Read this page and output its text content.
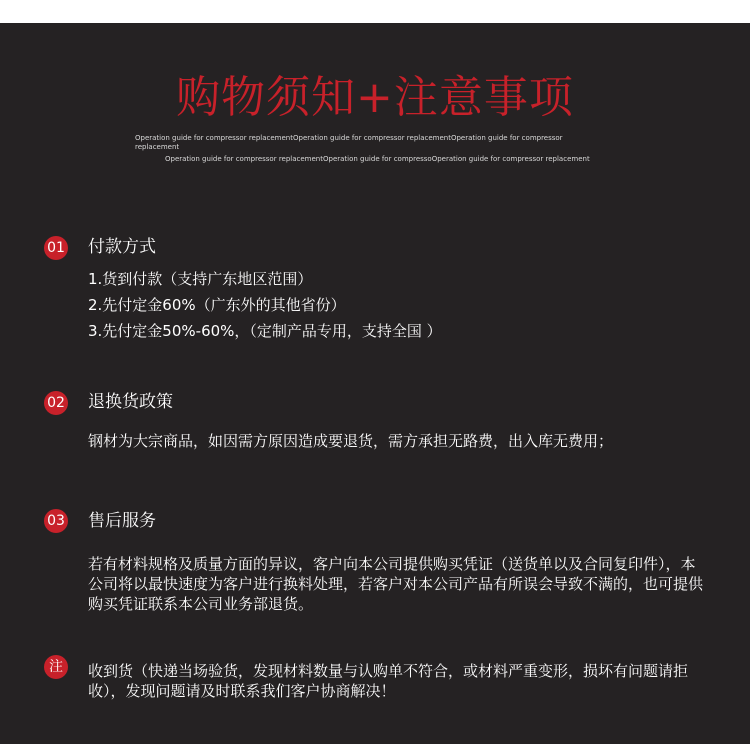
购物须知+注意事项
Operation guide for compressor replacementOperation guide for compressor replacementOperation guide for compressor replacement
Operation guide for compressor replacementOperation guide for compressoOperation guide for compressor replacement
01 付款方式
1.货到付款（支持广东地区范围）
2.先付定金60%（广东外的其他省份）
3.先付定金50%-60%，（定制产品专用，支持全国 ）
02 退换货政策
钢材为大宗商品，如因需方原因造成要退货，需方承担无路费，出入库无费用；
03 售后服务
若有材料规格及质量方面的异议，客户向本公司提供购买凭证（送货单以及合同复印件），本公司将以最快速度为客户进行换料处理，若客户对本公司产品有所误会导致不满的，也可提供购买凭证联系本公司业务部退货。
注	收到货（快递当场验货，发现材料数量与认购单不符合，或材料严重变形，损坏有问题请拒收），发现问题请及时联系我们客户协商解决！
